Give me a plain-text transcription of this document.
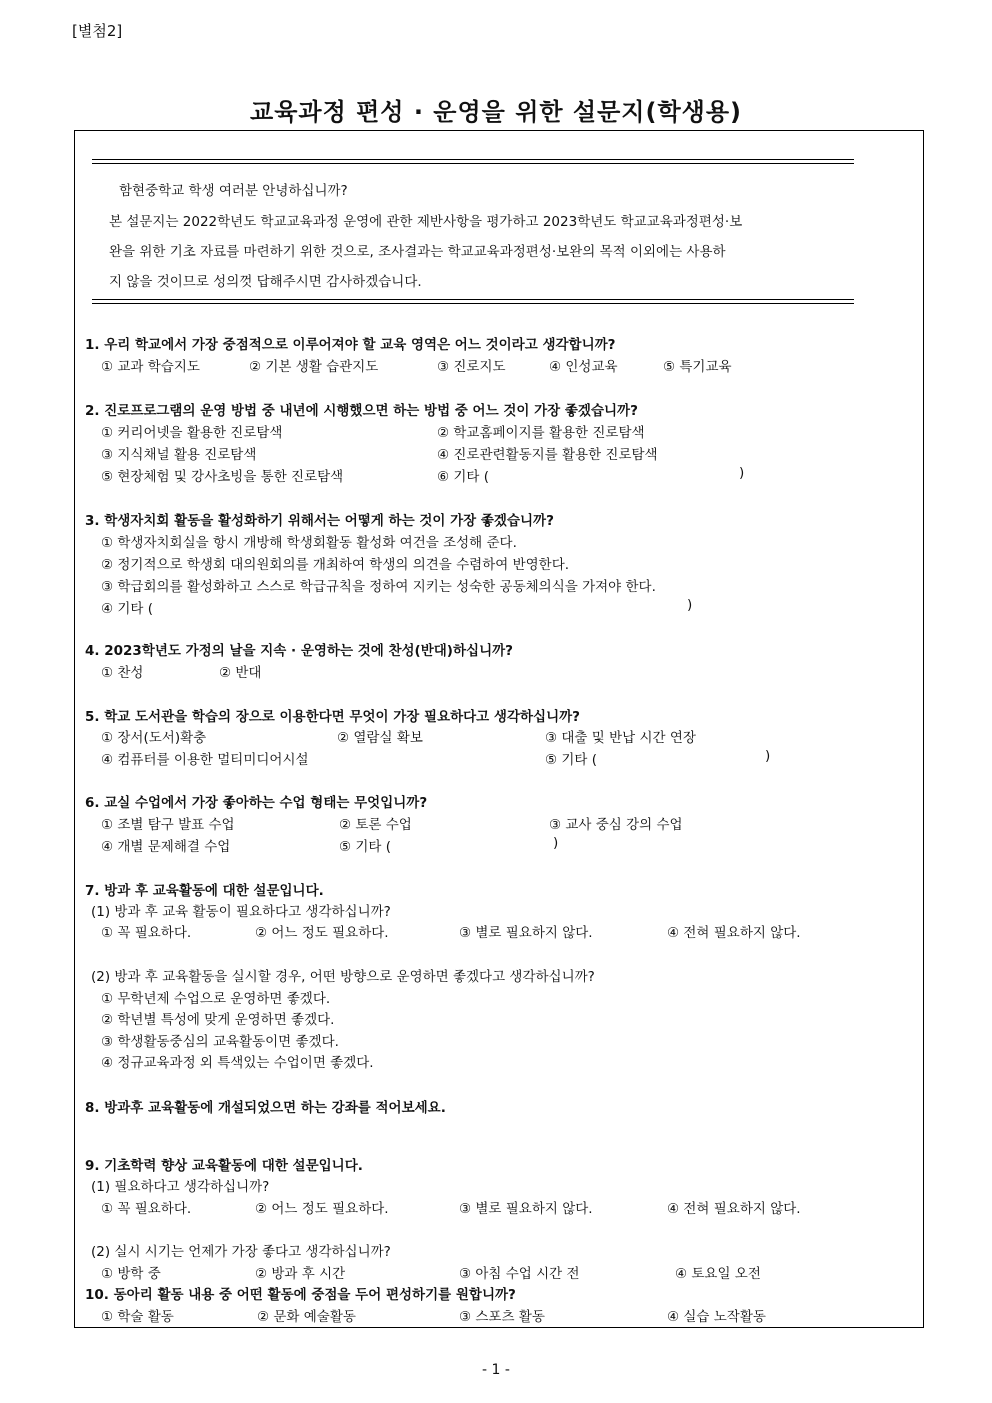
[별첨2]
교육과정 편성 · 운영을 위한 설문지(학생용)
함현중학교 학생 여러분 안녕하십니까?
본 설문지는 2022학년도 학교교육과정 운영에 관한 제반사항을 평가하고 2023학년도 학교교육과정편성·보
완을 위한 기초 자료를 마련하기 위한 것으로, 조사결과는 학교교육과정편성·보완의 목적 이외에는 사용하
지 않을 것이므로 성의껏 답해주시면 감사하겠습니다.
1. 우리 학교에서 가장 중점적으로 이루어져야 할 교육 영역은 어느 것이라고 생각합니까?
① 교과 학습지도	② 기본 생활 습관지도	③ 진로지도	④ 인성교육	⑤ 특기교육
2. 진로프로그램의 운영 방법 중 내년에 시행했으면 하는 방법 중 어느 것이 가장 좋겠습니까?
① 커리어넷을 활용한 진로탐색	② 학교홈페이지를 활용한 진로탐색
③ 지식채널 활용 진로탐색	④ 진로관련활동지를 활용한 진로탐색
⑤ 현장체험 및 강사초빙을 통한 진로탐색	⑥ 기타 (	)
3. 학생자치회 활동을 활성화하기 위해서는 어떻게 하는 것이 가장 좋겠습니까?
① 학생자치회실을 항시 개방해 학생회활동 활성화 여건을 조성해 준다.
② 정기적으로 학생회 대의원회의를 개최하여 학생의 의견을 수렴하여 반영한다.
③ 학급회의를 활성화하고 스스로 학급규칙을 정하여 지키는 성숙한 공동체의식을 가져야 한다.
④ 기타 (	)
4. 2023학년도 가정의 날을 지속 · 운영하는 것에 찬성(반대)하십니까?
① 찬성	② 반대
5. 학교 도서관을 학습의 장으로 이용한다면 무엇이 가장 필요하다고 생각하십니까?
① 장서(도서)확충	② 열람실 확보	③ 대출 및 반납 시간 연장
④ 컴퓨터를 이용한 멀티미디어시설	⑤ 기타 (	)
6. 교실 수업에서 가장 좋아하는 수업 형태는 무엇입니까?
① 조별 탐구 발표 수업	② 토론 수업	③ 교사 중심 강의 수업
④ 개별 문제해결 수업	⑤ 기타 (	)
7. 방과 후 교육활동에 대한 설문입니다.
(1) 방과 후 교육 활동이 필요하다고 생각하십니까?
① 꼭 필요하다.	② 어느 정도 필요하다.	③ 별로 필요하지 않다.	④ 전혀 필요하지 않다.
(2) 방과 후 교육활동을 실시할 경우, 어떤 방향으로 운영하면 좋겠다고 생각하십니까?
① 무학년제 수업으로 운영하면 좋겠다.
② 학년별 특성에 맞게 운영하면 좋겠다.
③ 학생활동중심의 교육활동이면 좋겠다.
④ 정규교육과정 외 특색있는 수업이면 좋겠다.
8. 방과후 교육활동에 개설되었으면 하는 강좌를 적어보세요.
9. 기초학력 향상 교육활동에 대한 설문입니다.
(1) 필요하다고 생각하십니까?
① 꼭 필요하다.	② 어느 정도 필요하다.	③ 별로 필요하지 않다.	④ 전혀 필요하지 않다.
(2) 실시 시기는 언제가 가장 좋다고 생각하십니까?
① 방학 중	② 방과 후 시간	③ 아침 수업 시간 전	④ 토요일 오전
10. 동아리 활동 내용 중 어떤 활동에 중점을 두어 편성하기를 원합니까?
① 학술 활동	② 문화 예술활동	③ 스포츠 활동	④ 실습 노작활동
- 1 -
